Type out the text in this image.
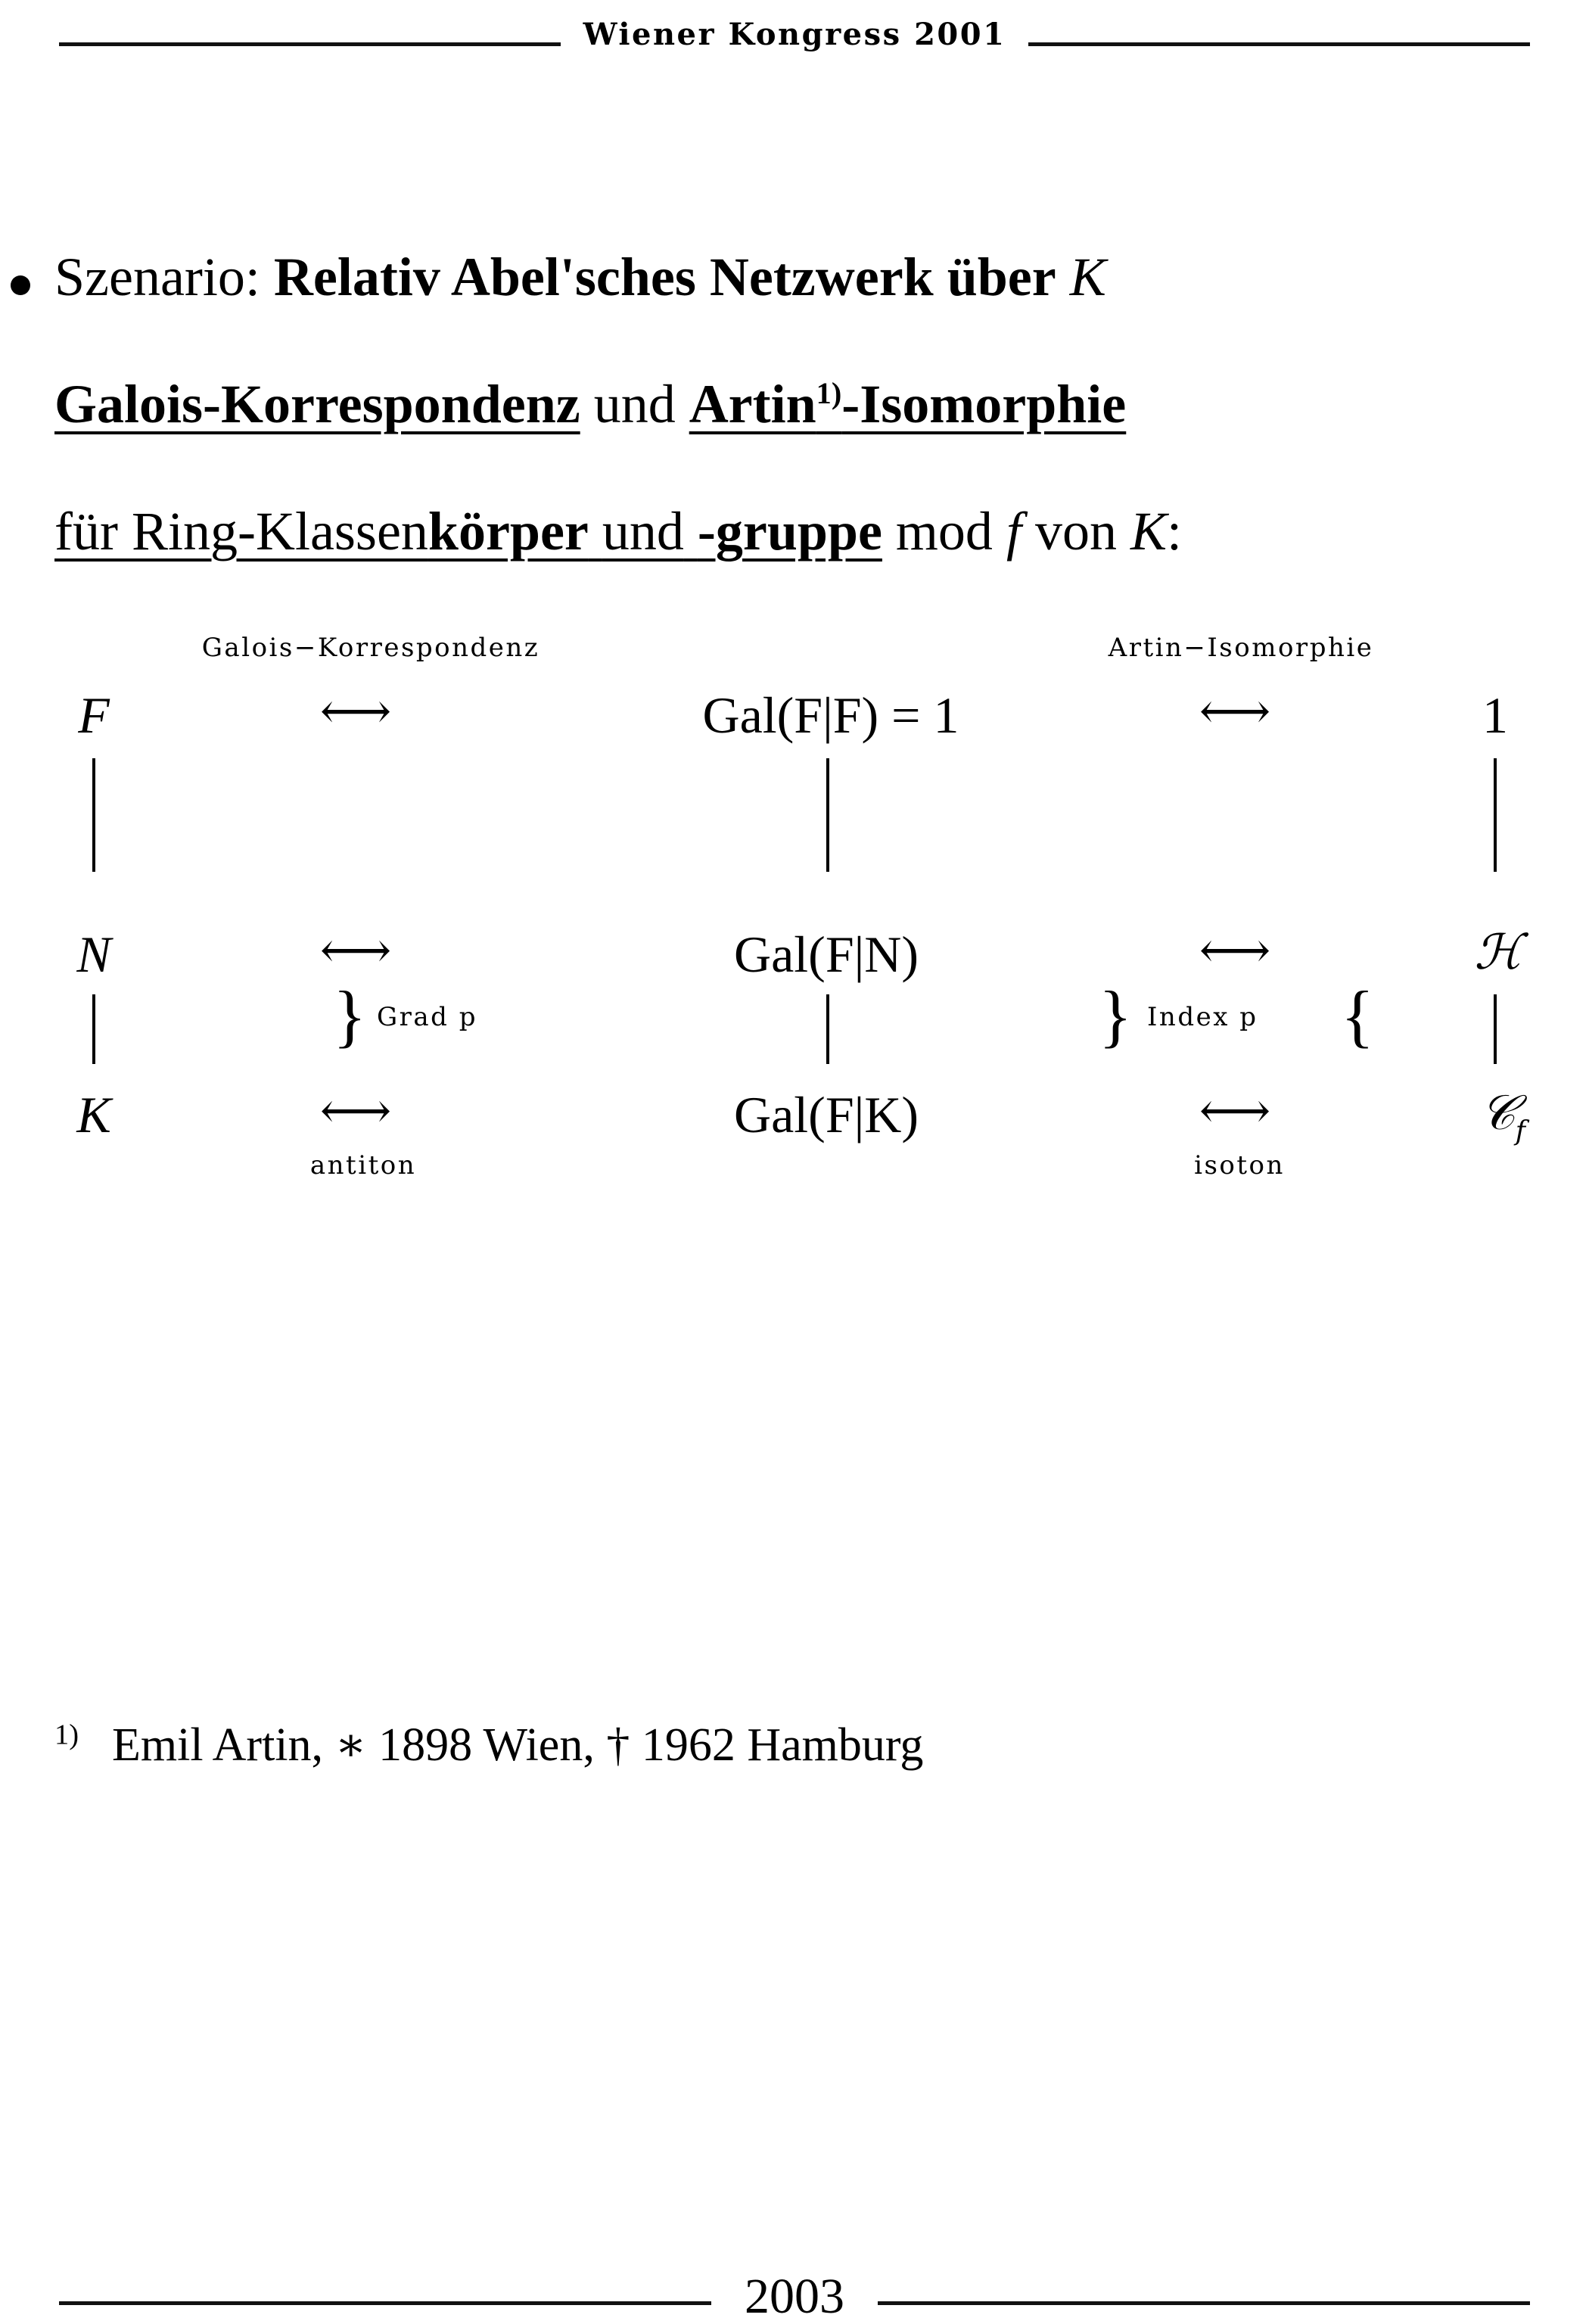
Wiener Kongress 2001
Szenario: Relativ Abel'sches Netzwerk über K
Galois-Korrespondenz und Artin$^{1)}$-Isomorphie
für Ring-Klassenkörper und -gruppe mod f von K:
Galois−Korrespondenz	Artin−Isomorphie
F
N
K
⟷
⟷
⟷
} Grad p
antiton
Gal(F|F) = 1
Gal(F|N)
Gal(F|K)
⟷
⟷
⟷
} Index p {
isoton
1
ℋ
𝒞$_f$
$^{1)}$ Emil Artin, ∗ 1898 Wien, † 1962 Hamburg
2003
